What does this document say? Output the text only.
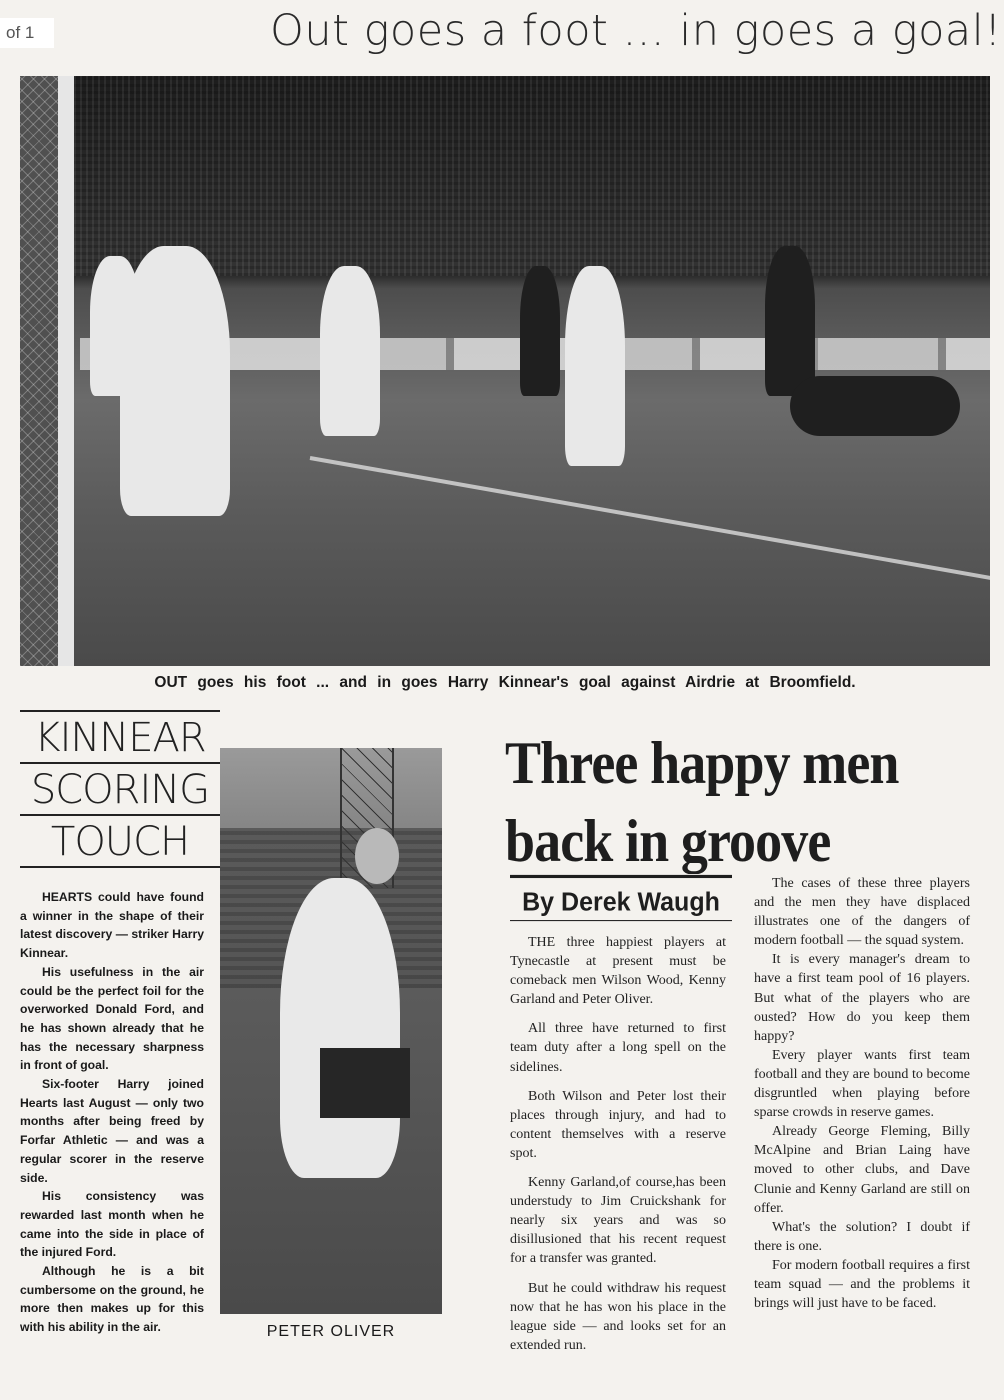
of 1	Out goes a foot ... in goes a goal!
OUT goes his foot ... and in goes Harry Kinnear's goal against Airdrie at Broomfield.
KINNEAR
SCORING
TOUCH

HEARTS could have found a winner in the shape of their latest discovery — striker Harry Kinnear.

His usefulness in the air could be the perfect foil for the overworked Donald Ford, and he has shown already that he has the necessary sharpness in front of goal.

Six-footer Harry joined Hearts last August — only two months after being freed by Forfar Athletic — and was a regular scorer in the reserve side.

His consistency was rewarded last month when he came into the side in place of the injured Ford.

Although he is a bit cumbersome on the ground, he more then makes up for this with his ability in the air.	PETER OLIVER
Three happy men
back in groove
By Derek Waugh

THE three happiest players at Tynecastle at present must be comeback men Wilson Wood, Kenny Garland and Peter Oliver.

All three have returned to first team duty after a long spell on the sidelines.

Both Wilson and Peter lost their places through injury, and had to content themselves with a reserve spot.

Kenny Garland,of course,has been understudy to Jim Cruickshank for nearly six years and was so disillusioned that his recent request for a transfer was granted.

But he could withdraw his request now that he has won his place in the league side — and looks set for an extended run.

The cases of these three players and the men they have displaced illustrates one of the dangers of modern football — the squad system.

It is every manager's dream to have a first team pool of 16 players. But what of the players who are ousted? How do you keep them happy?

Every player wants first team football and they are bound to become disgruntled when playing before sparse crowds in reserve games.

Already George Fleming, Billy McAlpine and Brian Laing have moved to other clubs, and Dave Clunie and Kenny Garland are still on offer.

What's the solution? I doubt if there is one.

For modern football requires a first team squad — and the problems it brings will just have to be faced.
